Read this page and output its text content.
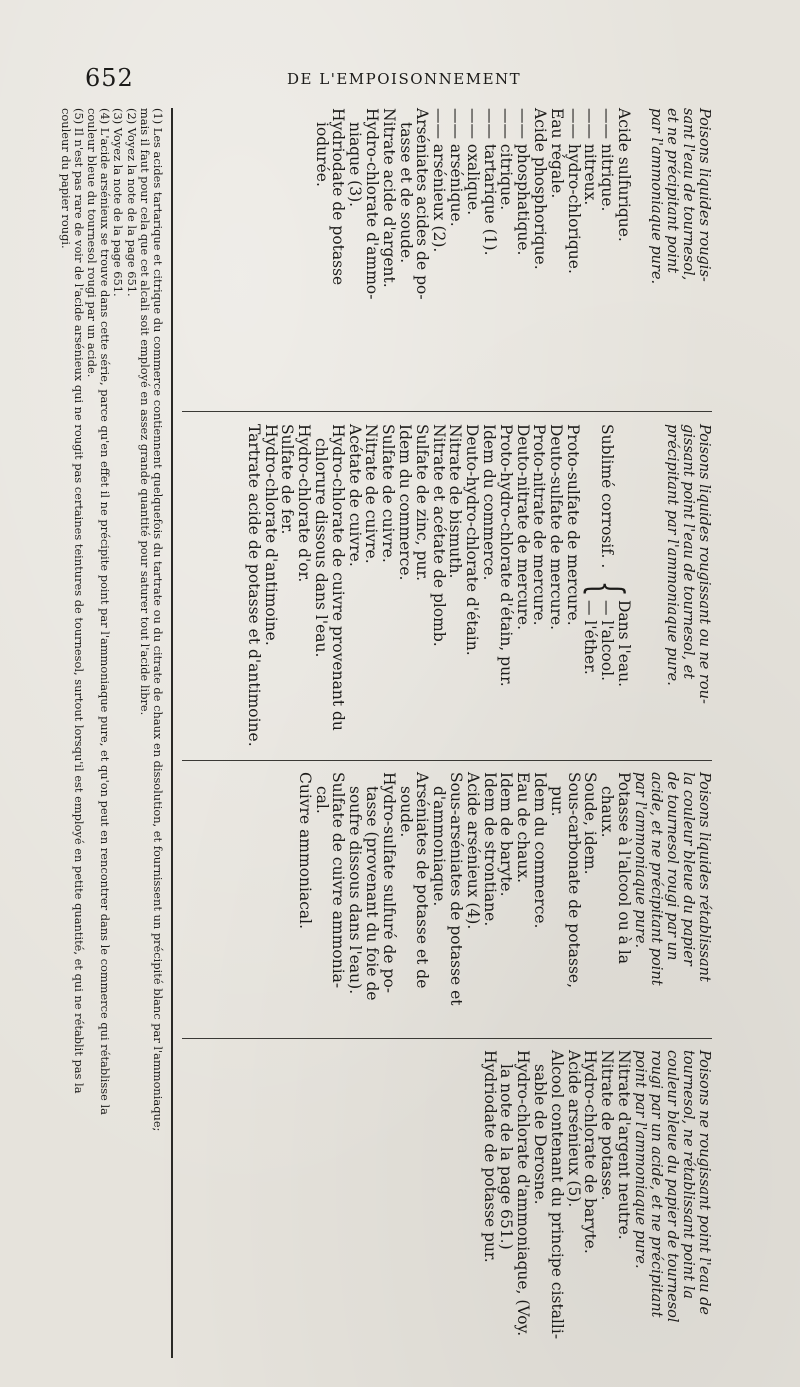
652	DE L'EMPOISONNEMENT
Poisons liquides rougis-
sant l'eau de tournesol,
et ne précipitant point
par l'ammoniaque pure.
Acide sulfurique.
—— nitrique.
—— nitreux.
—— hydro-chlorique.
Eau régale.
Acide phosphorique.
—— phosphatique.
—— citrique.
—— tartarique (1).
—— oxalique.
—— arsénique.
—— arsénieux (2).
Arséniates acides de po-
tasse et de soude.
Nitrate acide d'argent.
Hydro-chlorate d'ammo-
niaque (3).
Hydriodate de potasse
iodurée.
Poisons liquides rougissant ou ne rou-
gissant point l'eau de tournesol, et
précipitant par l'ammoniaque pure.
Sublimé corrosif. .
{
Dans l'eau.
— l'alcool.
— l'éther.
Proto-sulfate de mercure.
Deuto-sulfate de mercure.
Proto-nitrate de mercure.
Deuto-nitrate de mercure.
Proto-hydro-chlorate d'étain, pur.
Idem du commerce.
Deuto-hydro-chlorate d'étain.
Nitrate de bismuth.
Nitrate et acétate de plomb.
Sulfate de zinc, pur.
Idem du commerce.
Sulfate de cuivre.
Nitrate de cuivre.
Acétate de cuivre.
Hydro-chlorate de cuivre provenant du
chlorure dissous dans l'eau.
Hydro-chlorate d'or.
Sulfate de fer.
Hydro-chlorate d'antimoine.
Tartrate acide de potasse et d'antimoine.
Poisons liquides rétablissant
la couleur bleue du papier
de tournesol rougi par un
acide, et ne précipitant point
par l'ammoniaque pure.
Potasse à l'alcool ou à la
chaux.
Soude, idem.
Sous-carbonate de potasse,
pur.
Idem du commerce.
Eau de chaux.
Idem de baryte.
Idem de strontiane.
Acide arsénieux (4).
Sous-arséniates de potasse et
d'ammoniaque.
Arséniates de potasse et de
soude.
Hydro-sulfate sulfuré de po-
tasse (provenant du foie de
soufre dissous dans l'eau).
Sulfate de cuivre ammonia-
cal.
Cuivre ammoniacal.
Poisons ne rougissant point l'eau de
tournesol, ne rétablissant point la
couleur bleue du papier de tournesol
rougi par un acide, et ne précipitant
point par l'ammoniaque pure.
Nitrate d'argent neutre.
Nitrate de potasse.
Hydro-chlorate de baryte.
Acide arsénieux (5).
Alcool contenant du principe cistalli-
sable de Derosne.
Hydro-chlorate d'ammoniaque, (Voy.
la note de la page 651.)
Hydriodate de potasse pur.
(1) Les acides tartarique et citrique du commerce contiennent quelquefois du tartrate ou du citrate de chaux en dissolution, et fournissent un précipité blanc par l'ammoniaque;
mais il faut pour cela que cet alcali soit employé en assez grande quantité pour saturer tout l'acide libre.
(2) Voyez la note de la page 651.
(3) Voyez la note de la page 651.
(4) L'acide arsénieux se trouve dans cette série, parce qu'en effet il ne précipite point par l'ammoniaque pure, et qu'on peut en rencontrer dans le commerce qui rétablisse la
couleur bleue du tournesol rougi par un acide.
(5) Il n'est pas rare de voir de l'acide arsénieux qui ne rougit pas certaines teintures de tournesol, surtout lorsqu'il est employé en petite quantité, et qui ne rétablit pas la
couleur du papier rougi.
